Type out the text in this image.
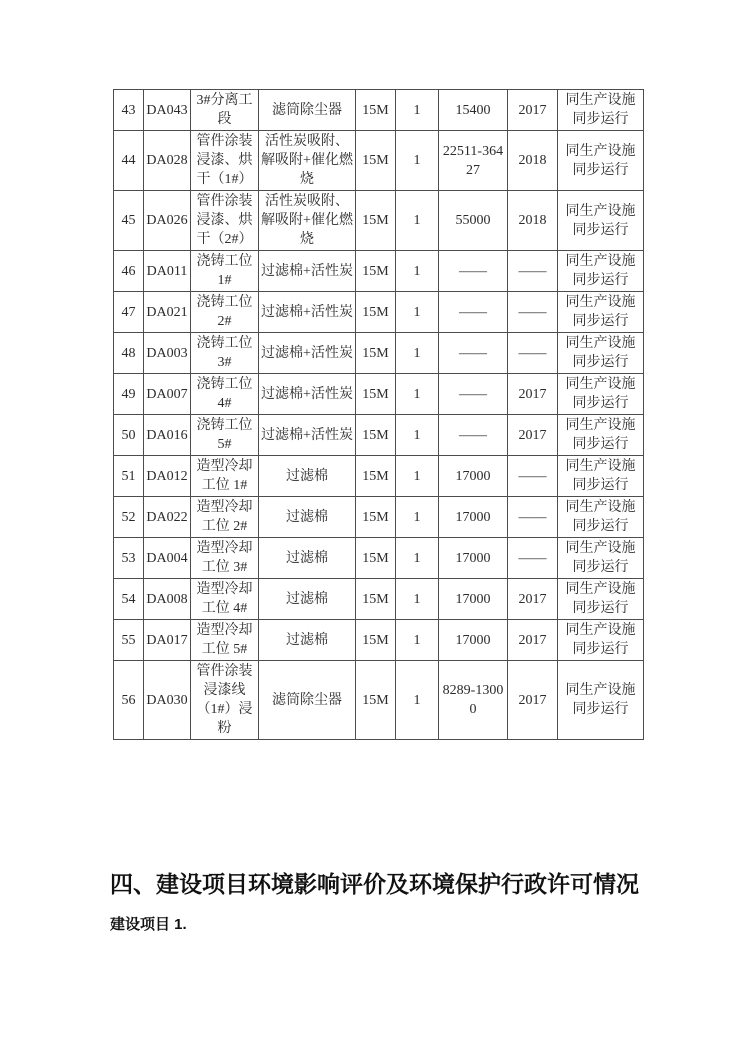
43	DA043	3#分离工段	滤筒除尘器	15M	1	15400	2017	同生产设施同步运行
44	DA028	管件涂装浸漆、烘干（1#）	活性炭吸附、解吸附+催化燃烧	15M	1	22511-36427	2018	同生产设施同步运行
45	DA026	管件涂装浸漆、烘干（2#）	活性炭吸附、解吸附+催化燃烧	15M	1	55000	2018	同生产设施同步运行
46	DA011	浇铸工位 1#	过滤棉+活性炭	15M	1	——	——	同生产设施同步运行
47	DA021	浇铸工位 2#	过滤棉+活性炭	15M	1	——	——	同生产设施同步运行
48	DA003	浇铸工位 3#	过滤棉+活性炭	15M	1	——	——	同生产设施同步运行
49	DA007	浇铸工位 4#	过滤棉+活性炭	15M	1	——	2017	同生产设施同步运行
50	DA016	浇铸工位 5#	过滤棉+活性炭	15M	1	——	2017	同生产设施同步运行
51	DA012	造型冷却工位 1#	过滤棉	15M	1	17000	——	同生产设施同步运行
52	DA022	造型冷却工位 2#	过滤棉	15M	1	17000	——	同生产设施同步运行
53	DA004	造型冷却工位 3#	过滤棉	15M	1	17000	——	同生产设施同步运行
54	DA008	造型冷却工位 4#	过滤棉	15M	1	17000	2017	同生产设施同步运行
55	DA017	造型冷却工位 5#	过滤棉	15M	1	17000	2017	同生产设施同步运行
56	DA030	管件涂装浸漆线（1#）浸粉	滤筒除尘器	15M	1	8289-13000	2017	同生产设施同步运行
四、建设项目环境影响评价及环境保护行政许可情况
建设项目 1.
